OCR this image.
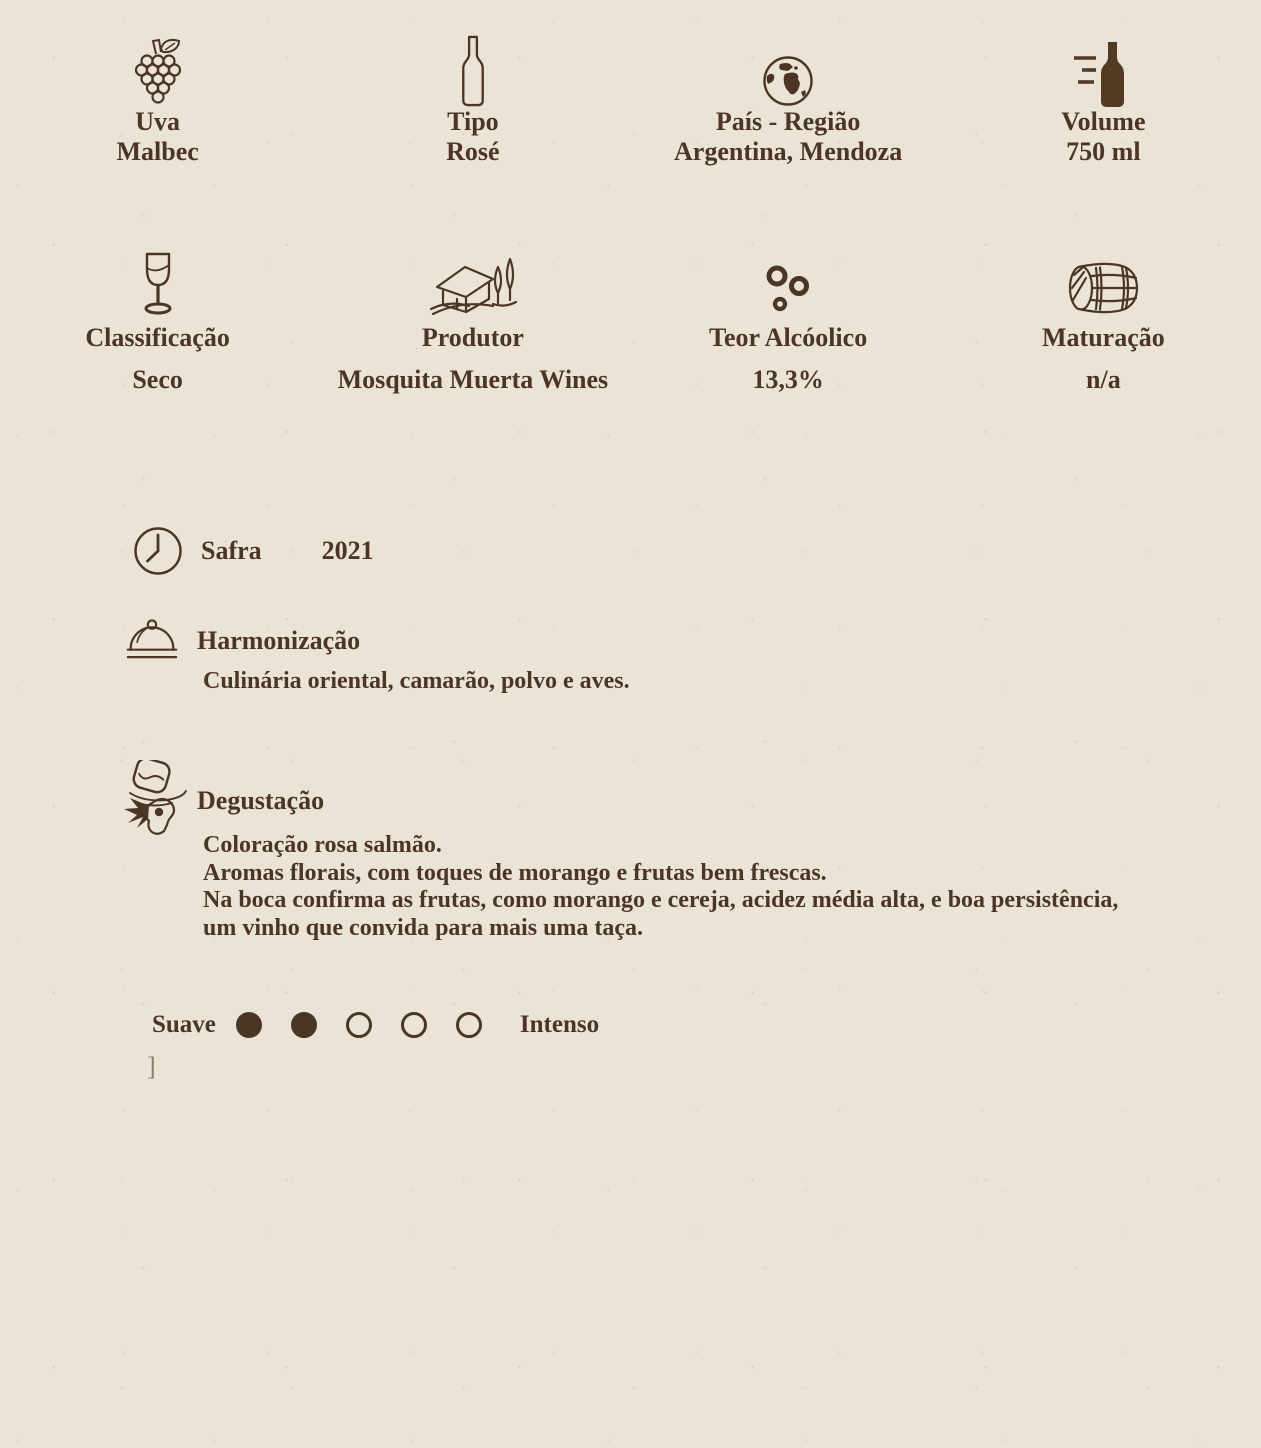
Uva
Malbec
Tipo
Rosé
País - Região
Argentina, Mendoza
Volume
750 ml
Classificação
Seco
Produtor
Mosquita Muerta Wines
Teor Alcóolico
13,3%
Maturação
n/a
Safra 2021
Harmonização
Culinária oriental, camarão, polvo e aves.
Degustação
Coloração rosa salmão.
Aromas florais, com toques de morango e frutas bem frescas.
Na boca confirma as frutas, como morango e cereja, acidez média alta, e boa persistência,
um vinho que convida para mais uma taça.
Suave	Intenso
]
